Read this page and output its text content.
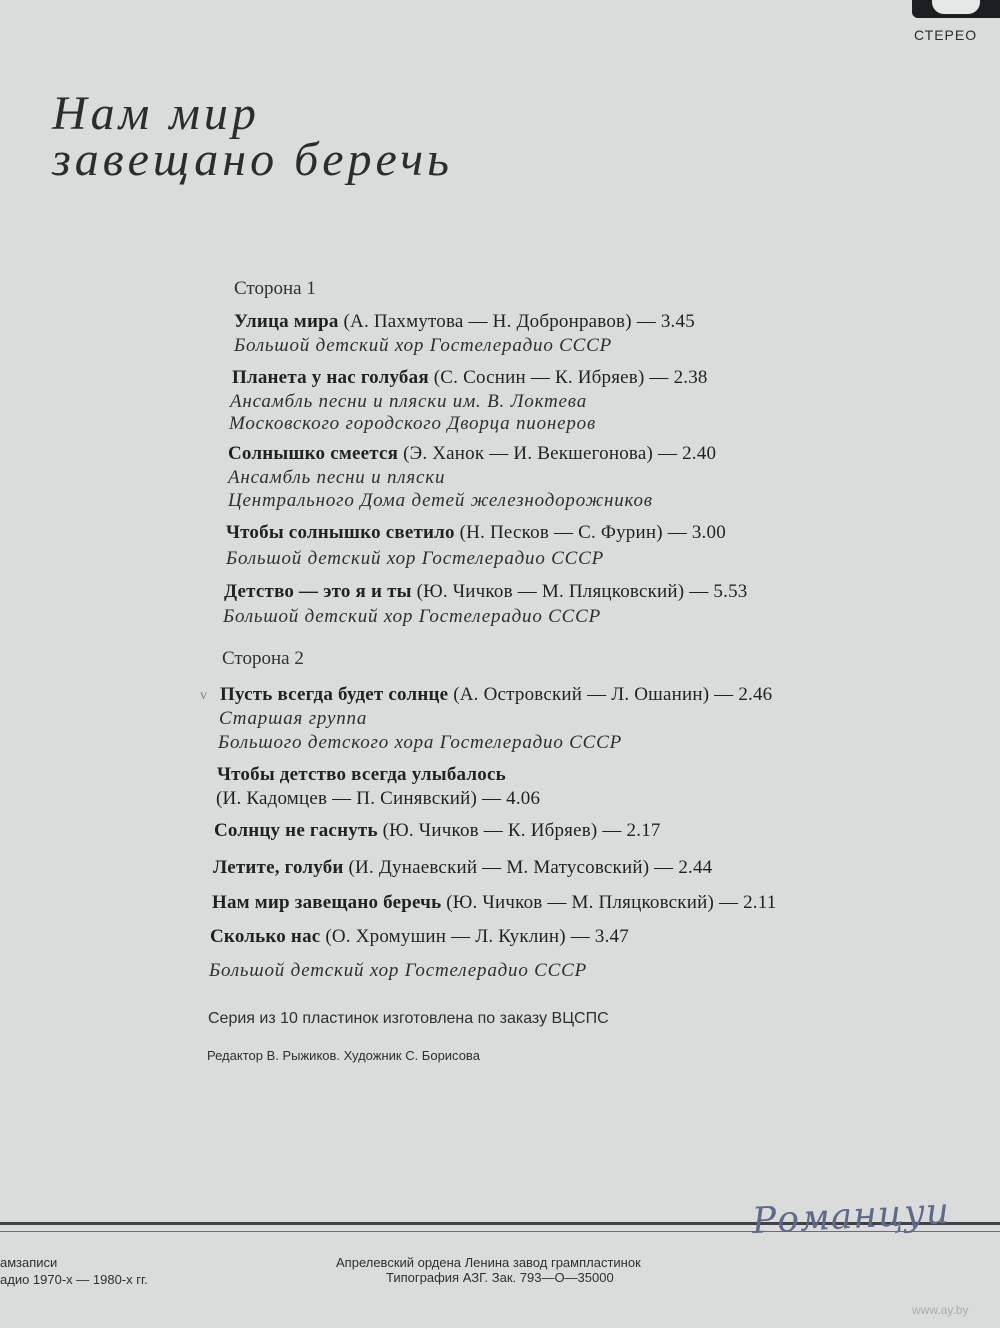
СТЕРЕО
Нам мир
завещано беречь
Сторона 1
Улица мира (А. Пахмутова — Н. Добронравов) — 3.45
Большой детский хор Гостелерадио СССР
Планета у нас голубая (С. Соснин — К. Ибряев) — 2.38
Ансамбль песни и пляски им. В. Локтева
Московского городского Дворца пионеров
Солнышко смеется (Э. Ханок — И. Векшегонова) — 2.40
Ансамбль песни и пляски
Центрального Дома детей железнодорожников
Чтобы солнышко светило (Н. Песков — С. Фурин) — 3.00
Большой детский хор Гостелерадио СССР
Детство — это я и ты (Ю. Чичков — М. Пляцковский) — 5.53
Большой детский хор Гостелерадио СССР
Сторона 2
v Пусть всегда будет солнце (А. Островский — Л. Ошанин) — 2.46
Старшая группа
Большого детского хора Гостелерадио СССР
Чтобы детство всегда улыбалось
(И. Кадомцев — П. Синявский) — 4.06
Солнцу не гаснуть (Ю. Чичков — К. Ибряев) — 2.17
Летите, голуби (И. Дунаевский — М. Матусовский) — 2.44
Нам мир завещано беречь (Ю. Чичков — М. Пляцковский) — 2.11
Сколько нас (О. Хромушин — Л. Куклин) — 3.47
Большой детский хор Гостелерадио СССР
Серия из 10 пластинок изготовлена по заказу ВЦСПС
Редактор В. Рыжиков. Художник С. Борисова
Романцуи
амзаписи
адио 1970-х — 1980-х гг.
Апрелевский ордена Ленина завод грампластинок
Типография АЗГ. Зак. 793—О—35000
www.ay.by
